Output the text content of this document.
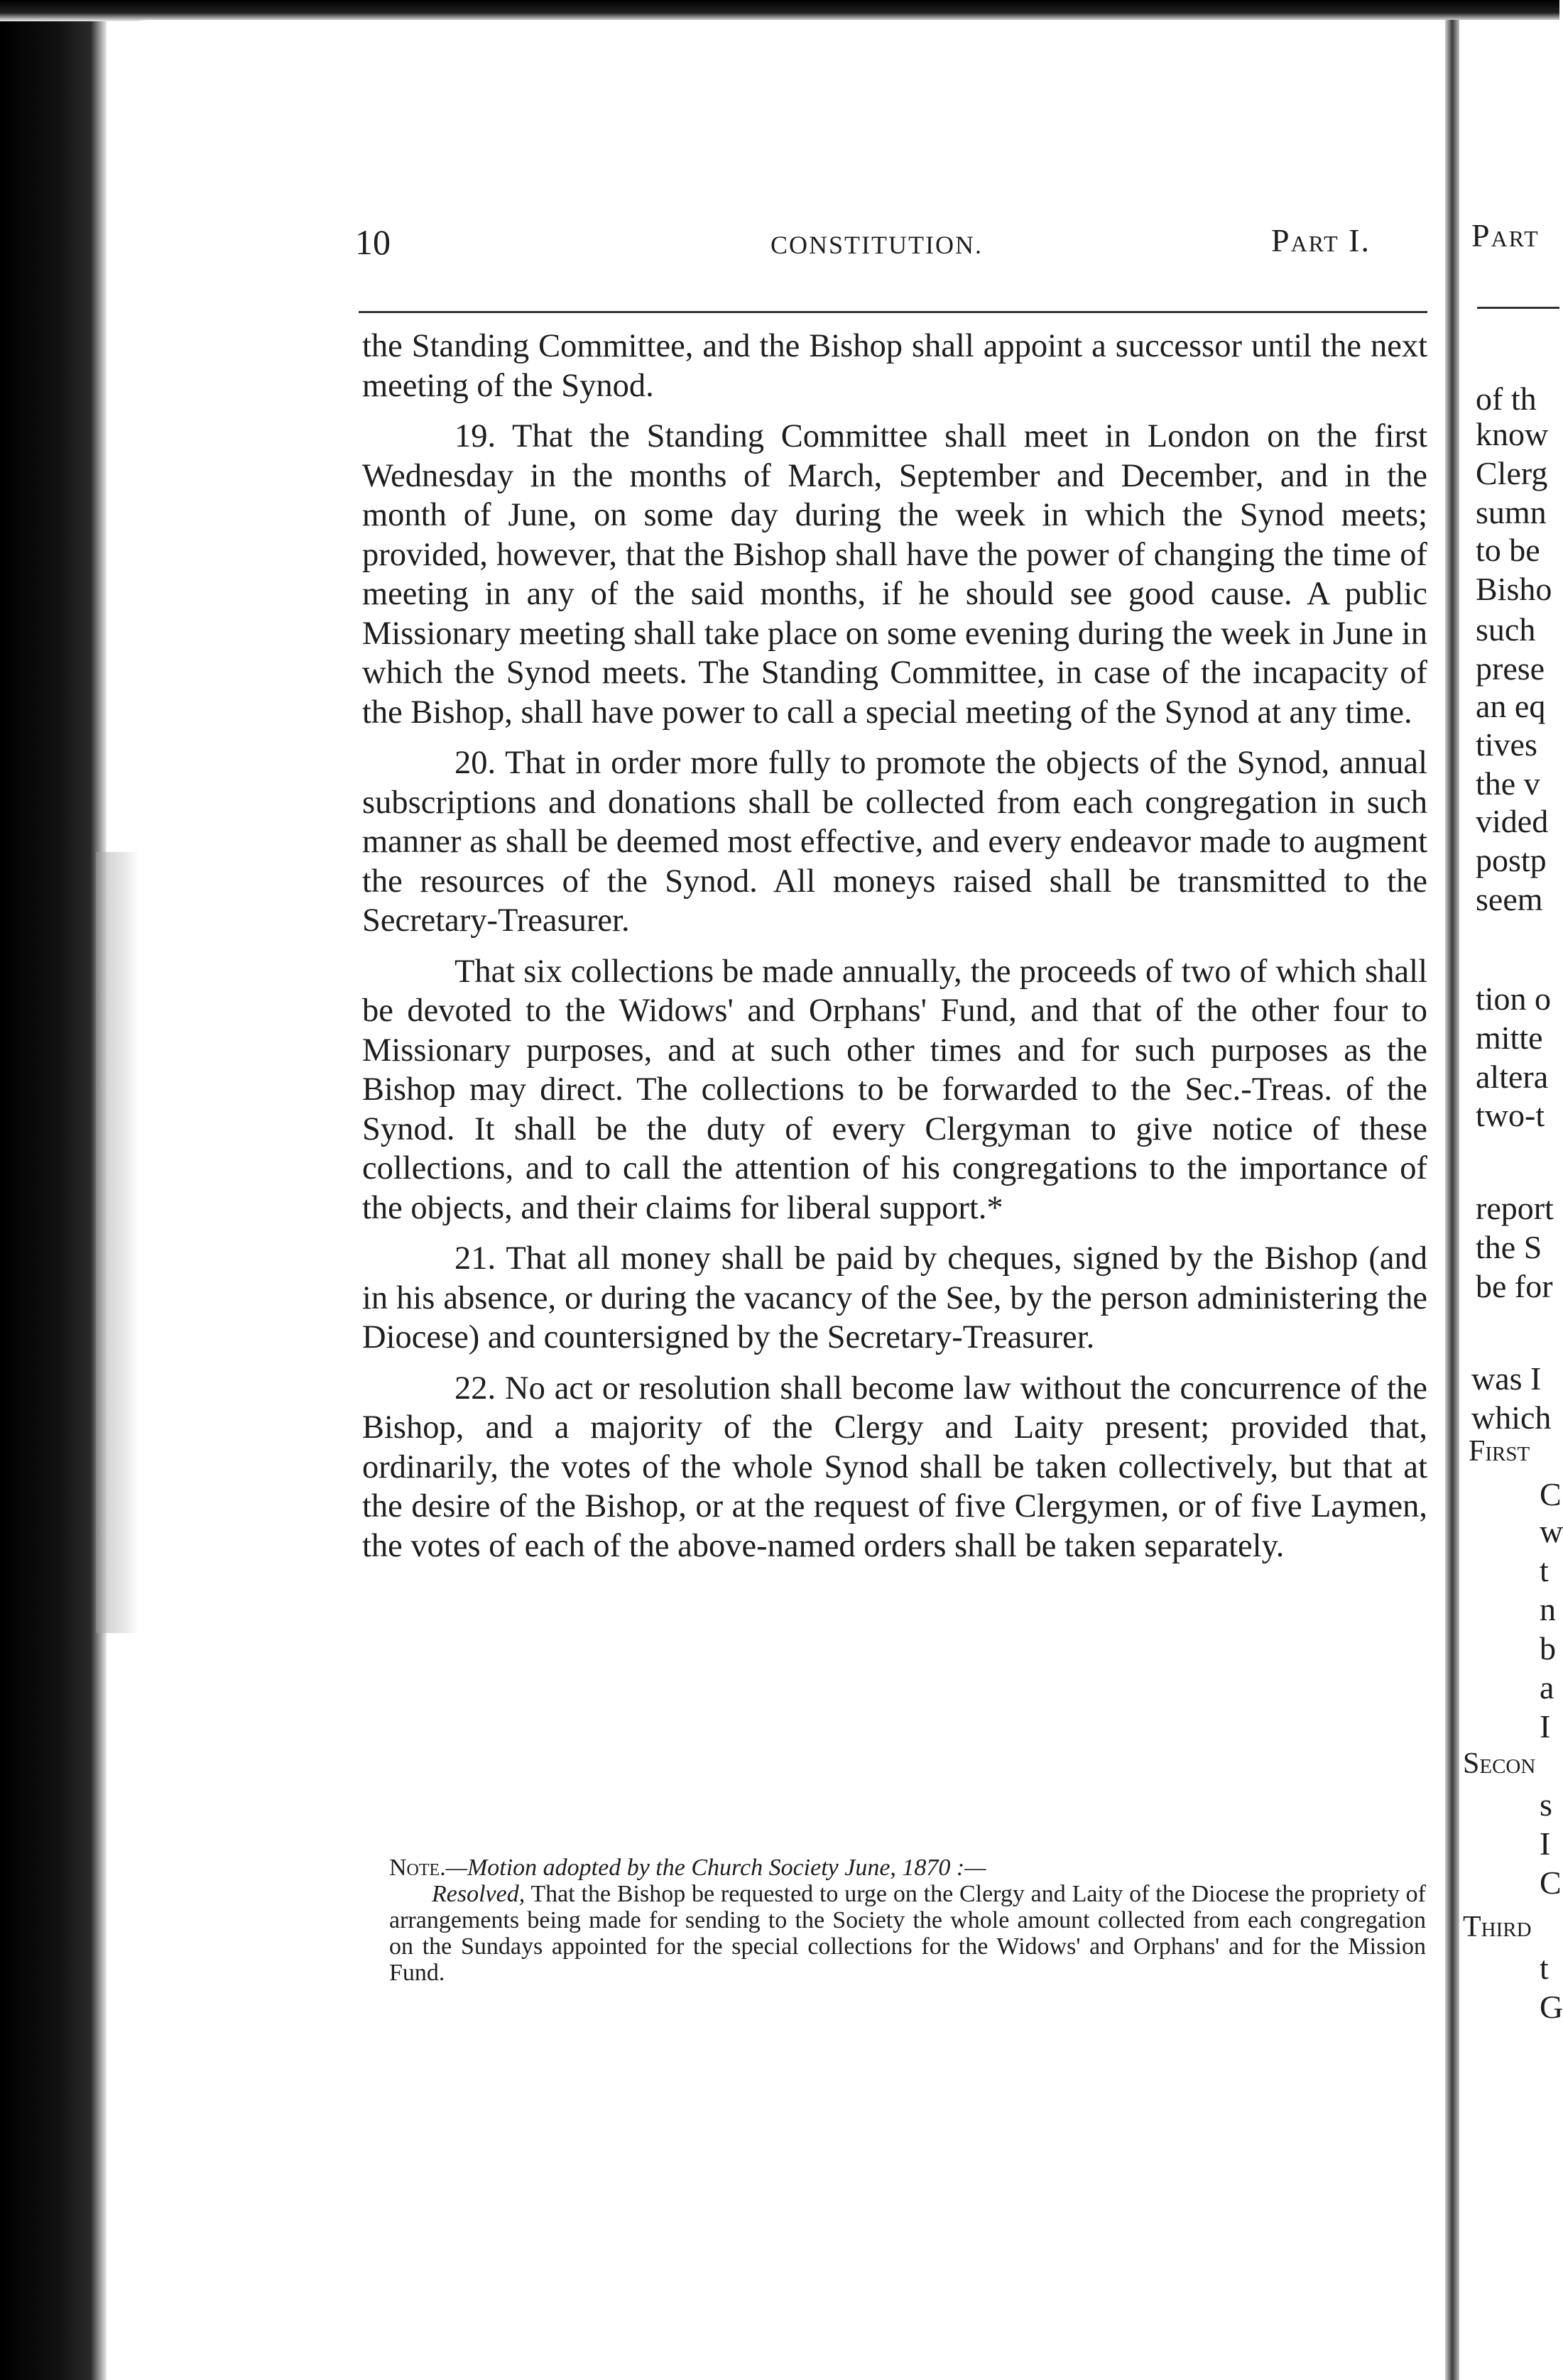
10	CONSTITUTION.	Part I.

the Standing Committee, and the Bishop shall appoint a successor until the next meeting of the Synod.

19. That the Standing Committee shall meet in London on the first Wednesday in the months of March, September and December, and in the month of June, on some day during the week in which the Synod meets; provided, however, that the Bishop shall have the power of changing the time of meeting in any of the said months, if he should see good cause. A public Missionary meeting shall take place on some evening during the week in June in which the Synod meets. The Standing Committee, in case of the incapacity of the Bishop, shall have power to call a special meeting of the Synod at any time.

20. That in order more fully to promote the objects of the Synod, annual subscriptions and donations shall be collected from each congregation in such manner as shall be deemed most effective, and every endeavor made to augment the resources of the Synod. All moneys raised shall be transmitted to the Secretary-Treasurer.

That six collections be made annually, the proceeds of two of which shall be devoted to the Widows' and Orphans' Fund, and that of the other four to Missionary purposes, and at such other times and for such purposes as the Bishop may direct. The collections to be forwarded to the Sec.-Treas. of the Synod. It shall be the duty of every Clergyman to give notice of these collections, and to call the attention of his congregations to the importance of the objects, and their claims for liberal support.*

21. That all money shall be paid by cheques, signed by the Bishop (and in his absence, or during the vacancy of the See, by the person administering the Diocese) and countersigned by the Secretary-Treasurer.

22. No act or resolution shall become law without the concurrence of the Bishop, and a majority of the Clergy and Laity present; provided that, ordinarily, the votes of the whole Synod shall be taken collectively, but that at the desire of the Bishop, or at the request of five Clergymen, or of five Laymen, the votes of each of the above-named orders shall be taken separately.

Note.—Motion adopted by the Church Society June, 1870 :—

Resolved, That the Bishop be requested to urge on the Clergy and Laity of the Diocese the propriety of arrangements being made for sending to the Society the whole amount collected from each congregation on the Sundays appointed for the special collections for the Widows' and Orphans' and for the Mission Fund.

Part
of th
know
Clerg
sumn
to be
Bisho
such
prese
an eq
tives
the v
vided
postp
seem
tion o
mitte
altera
two-t
report
the S
be for
was I
which
First
C
w
t
n
b
a
I
Secon
s
I
C
Third
t
G
